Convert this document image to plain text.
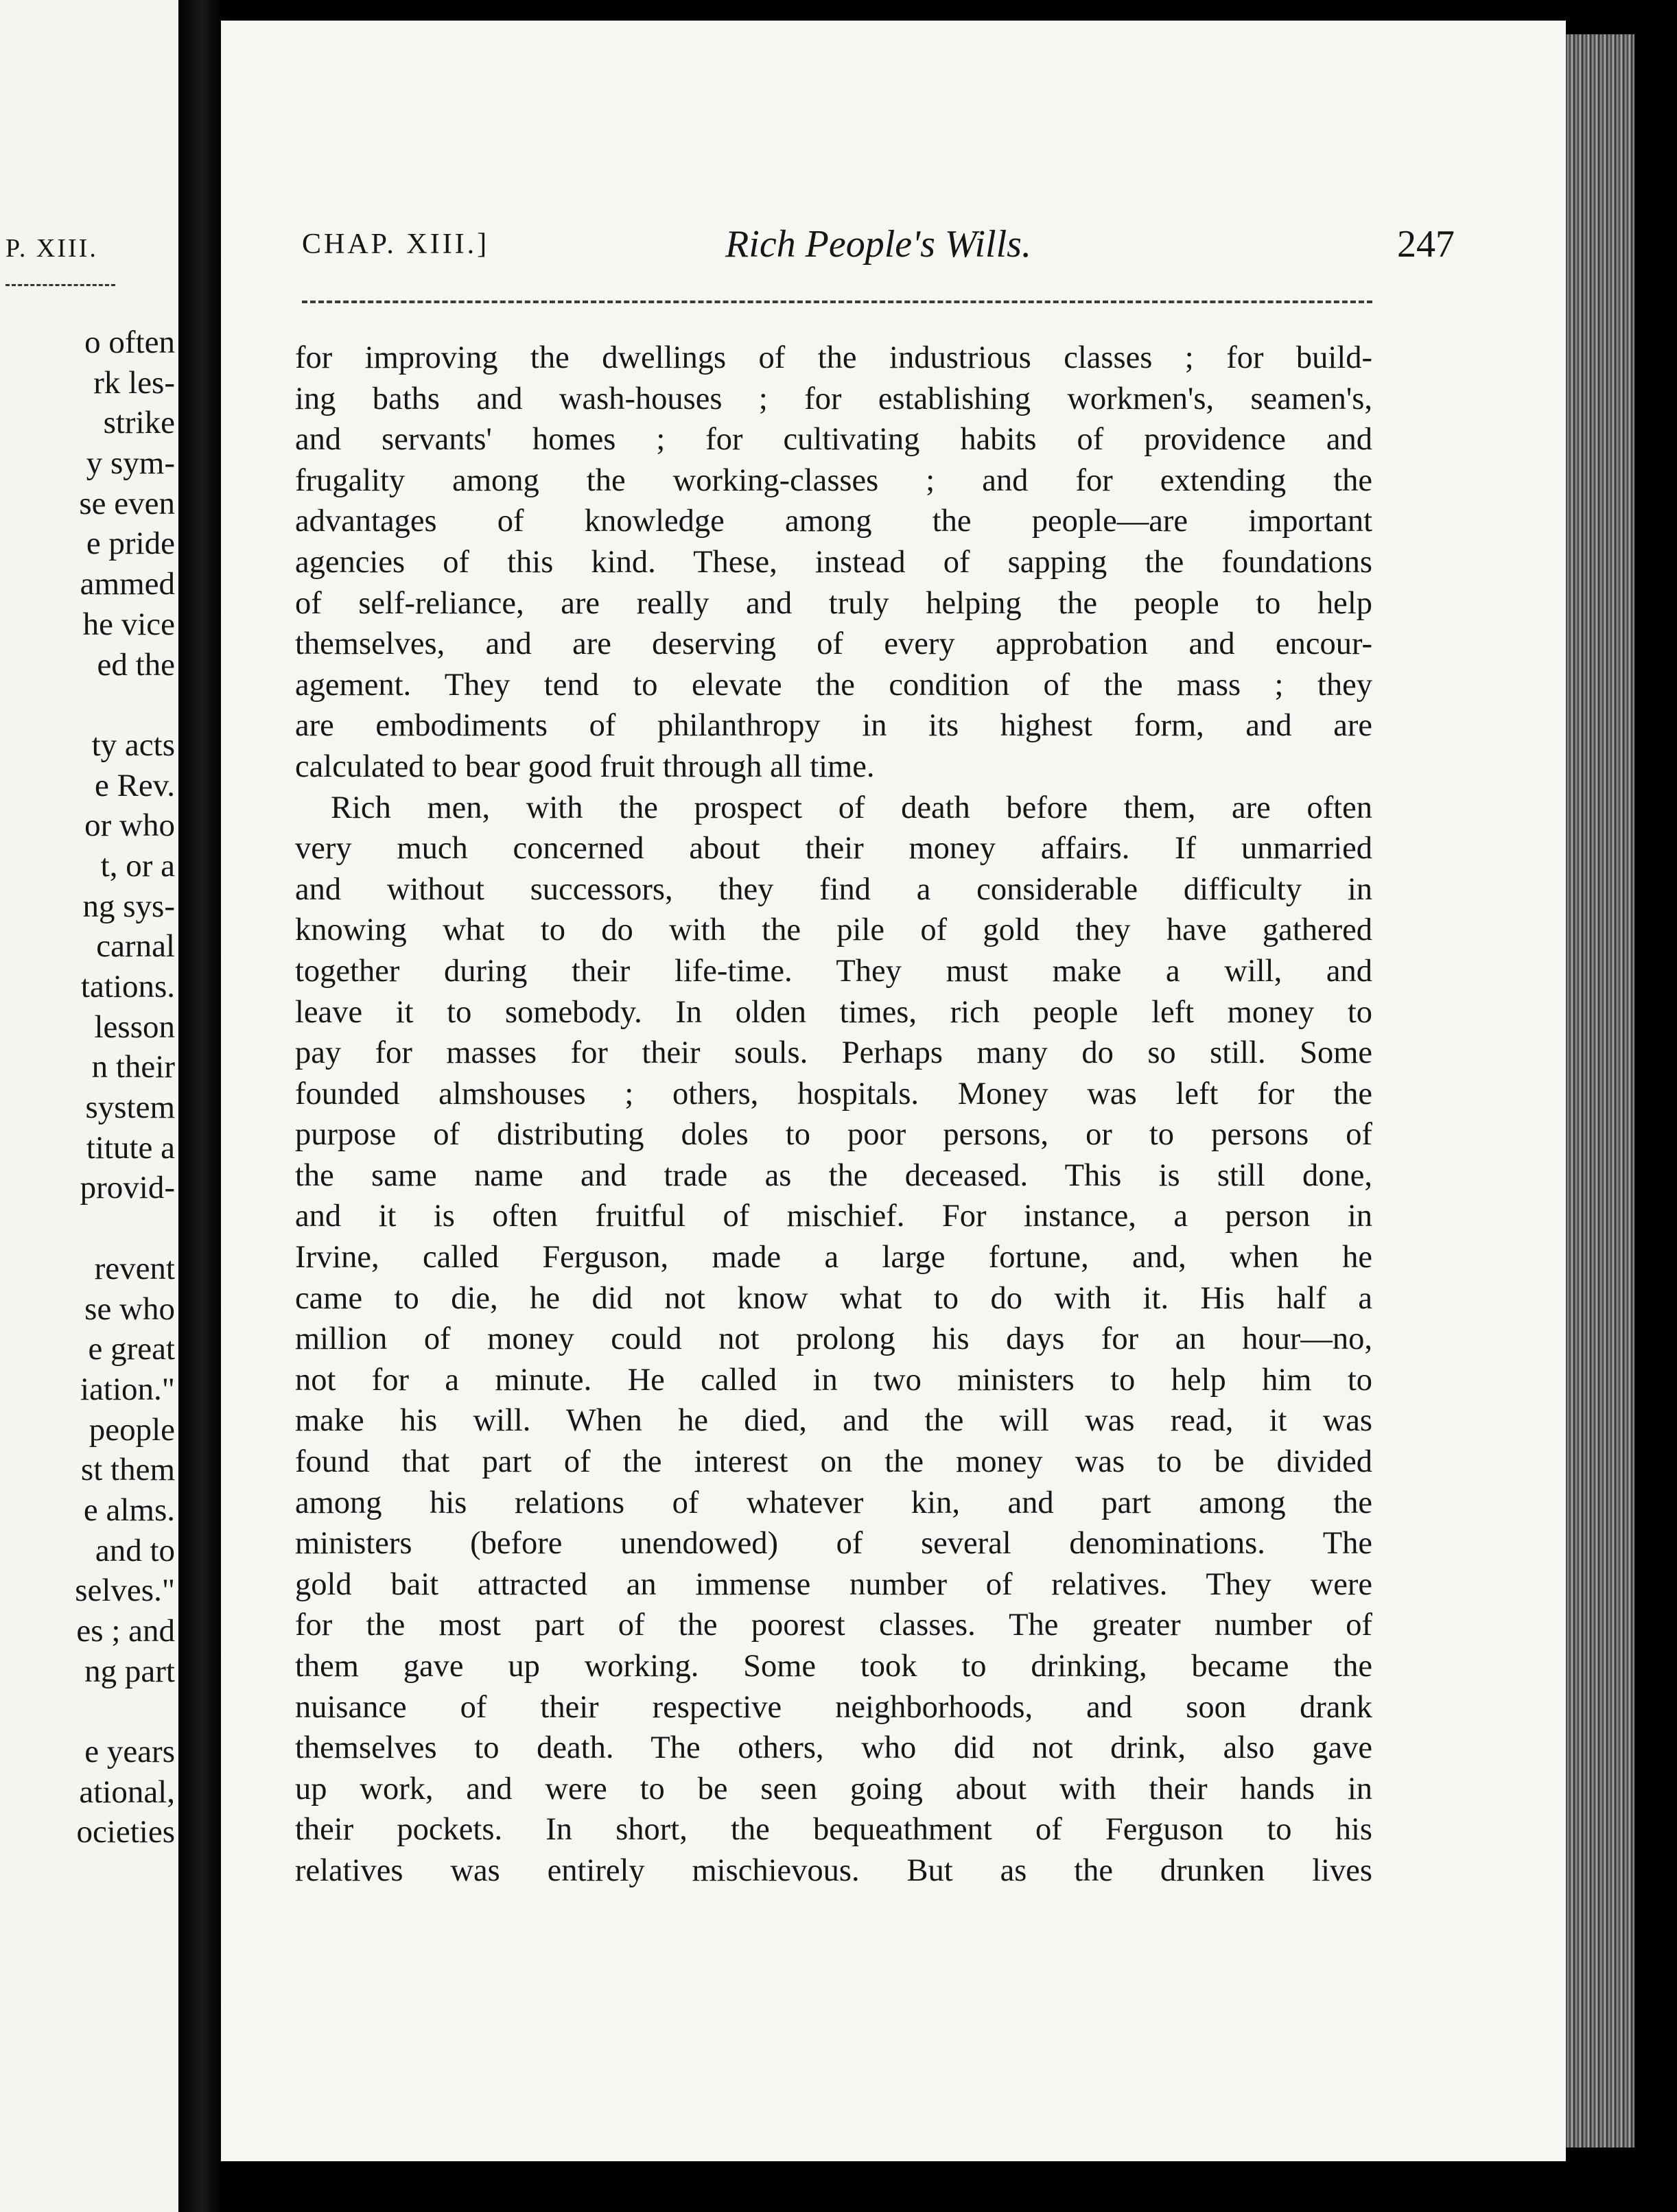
P. XIII.
o often
rk les-
strike
y sym-
se even
e pride
ammed
he vice
ed the
ty acts
e Rev.
or who
t, or a
ng sys-
carnal
tations.
lesson
n their
system
titute a
provid-
revent
se who
e great
iation."
people
st them
e alms.
and to
selves."
es ; and
ng part
e years
ational,
ocieties
CHAP. XIII.]	Rich People's Wills.	247
for improving the dwellings of the industrious classes ; for build-
ing baths and wash-houses ; for establishing workmen's, seamen's,
and servants' homes ; for cultivating habits of providence and
frugality among the working-classes ; and for extending the
advantages of knowledge among the people—are important
agencies of this kind. These, instead of sapping the foundations
of self-reliance, are really and truly helping the people to help
themselves, and are deserving of every approbation and encour-
agement. They tend to elevate the condition of the mass ; they
are embodiments of philanthropy in its highest form, and are
calculated to bear good fruit through all time.
Rich men, with the prospect of death before them, are often
very much concerned about their money affairs. If unmarried
and without successors, they find a considerable difficulty in
knowing what to do with the pile of gold they have gathered
together during their life-time. They must make a will, and
leave it to somebody. In olden times, rich people left money to
pay for masses for their souls. Perhaps many do so still. Some
founded almshouses ; others, hospitals. Money was left for the
purpose of distributing doles to poor persons, or to persons of
the same name and trade as the deceased. This is still done,
and it is often fruitful of mischief. For instance, a person in
Irvine, called Ferguson, made a large fortune, and, when he
came to die, he did not know what to do with it. His half a
million of money could not prolong his days for an hour—no,
not for a minute. He called in two ministers to help him to
make his will. When he died, and the will was read, it was
found that part of the interest on the money was to be divided
among his relations of whatever kin, and part among the
ministers (before unendowed) of several denominations. The
gold bait attracted an immense number of relatives. They were
for the most part of the poorest classes. The greater number of
them gave up working. Some took to drinking, became the
nuisance of their respective neighborhoods, and soon drank
themselves to death. The others, who did not drink, also gave
up work, and were to be seen going about with their hands in
their pockets. In short, the bequeathment of Ferguson to his
relatives was entirely mischievous. But as the drunken lives
